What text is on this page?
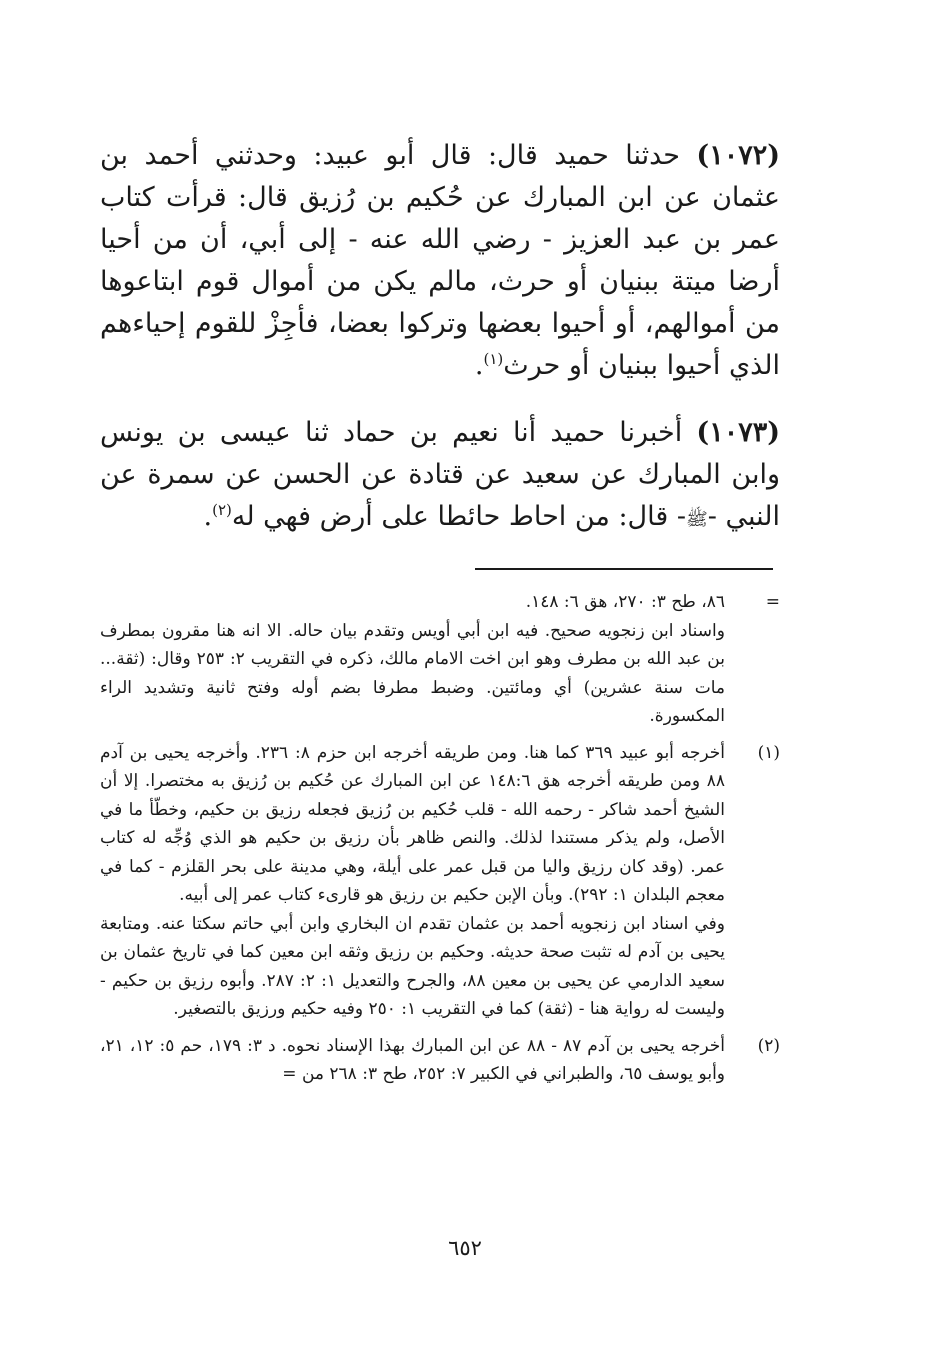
(١٠٧٢) حدثنا حميد قال: قال أبو عبيد: وحدثني أحمد بن عثمان عن ابن المبارك عن حُكيم بن رُزيق قال: قرأت كتاب عمر بن عبد العزيز - رضي الله عنه - إلى أبي، أن من أحيا أرضا ميتة ببنيان أو حرث، مالم يكن من أموال قوم ابتاعوها من أموالهم، أو أحيوا بعضها وتركوا بعضا، فأجِزْ للقوم إحياءهم الذي أحيوا ببنيان أو حرث$^{(١)}$.
(١٠٧٣) أخبرنا حميد أنا نعيم بن حماد ثنا عيسى بن يونس وابن المبارك عن سعيد عن قتادة عن الحسن عن سمرة عن النبي -ﷺ- قال: من احاط حائطا على أرض فهي له$^{(٢)}$.
=
٨٦، طح ٣: ٢٧٠، هق ٦: ١٤٨.
واسناد ابن زنجويه صحيح. فيه ابن أبي أويس وتقدم بيان حاله. الا انه هنا مقرون بمطرف بن عبد الله بن مطرف وهو ابن اخت الامام مالك، ذكره في التقريب ٢: ٢٥٣ وقال: (ثقة... مات سنة عشرين) أي ومائتين. وضبط مطرفا بضم أوله وفتح ثانية وتشديد الراء المكسورة.
(١)
أخرجه أبو عبيد ٣٦٩ كما هنا. ومن طريقه أخرجه ابن حزم ٨: ٢٣٦. وأخرجه يحيى بن آدم ٨٨ ومن طريقه أخرجه هق ١٤٨:٦ عن ابن المبارك عن حُكيم بن رُزيق به مختصرا. إلا أن الشيخ أحمد شاكر - رحمه الله - قلب حُكيم بن رُزيق فجعله رزيق بن حكيم، وخطّأ ما في الأصل، ولم يذكر مستندا لذلك. والنص ظاهر بأن رزيق بن حكيم هو الذي وُجِّه له كتاب عمر. (وقد كان رزيق واليا من قبل عمر على أيلة، وهي مدينة على بحر القلزم - كما في معجم البلدان ١: ٢٩٢). وبأن الإبن حكيم بن رزيق هو قارىء كتاب عمر إلى أبيه.
وفي اسناد ابن زنجويه أحمد بن عثمان تقدم ان البخاري وابن أبي حاتم سكتا عنه. ومتابعة يحيى بن آدم له تثبت صحة حديثه. وحكيم بن رزيق وثقه ابن معين كما في تاريخ عثمان بن سعيد الدارمي عن يحيى بن معين ٨٨، والجرح والتعديل ١: ٢: ٢٨٧. وأبوه رزيق بن حكيم - وليست له رواية هنا - (ثقة) كما في التقريب ١: ٢٥٠ وفيه حكيم ورزيق بالتصغير.
(٢)
أخرجه يحيى بن آدم ٨٧ - ٨٨ عن ابن المبارك بهذا الإسناد نحوه. د ٣: ١٧٩، حم ٥: ١٢، ٢١، وأبو يوسف ٦٥، والطبراني في الكبير ٧: ٢٥٢، طح ٣: ٢٦٨ من =
٦٥٢
